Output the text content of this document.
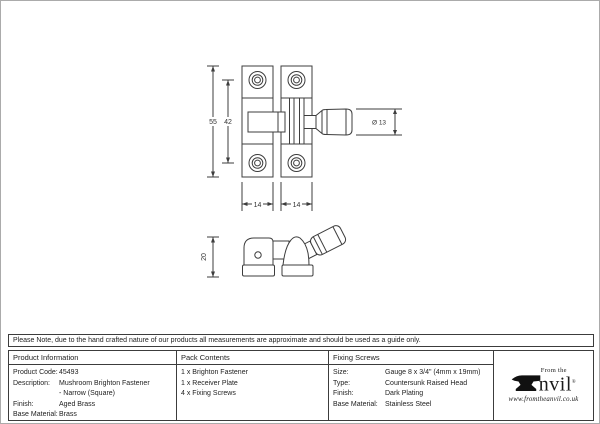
55 42	Ø 13
14	14
20
Please Note, due to the hand crafted nature of our products all measurements are approximate and should be used as a guide only.
Product Information
Product Code: 45493
Description:	Mushroom Brighton Fastener
- Narrow (Square)
Finish:	Aged Brass
Base Material: Brass
Pack Contents
1 x Brighton Fastener
1 x Receiver Plate
4 x Fixing Screws
Fixing Screws
Size:	Gauge 8 x 3/4" (4mm x 19mm)
Type:	Countersunk Raised Head
Finish:	Dark Plating
Base Material:	Stainless Steel
From the
nvil®
www.fromtheanvil.co.uk
